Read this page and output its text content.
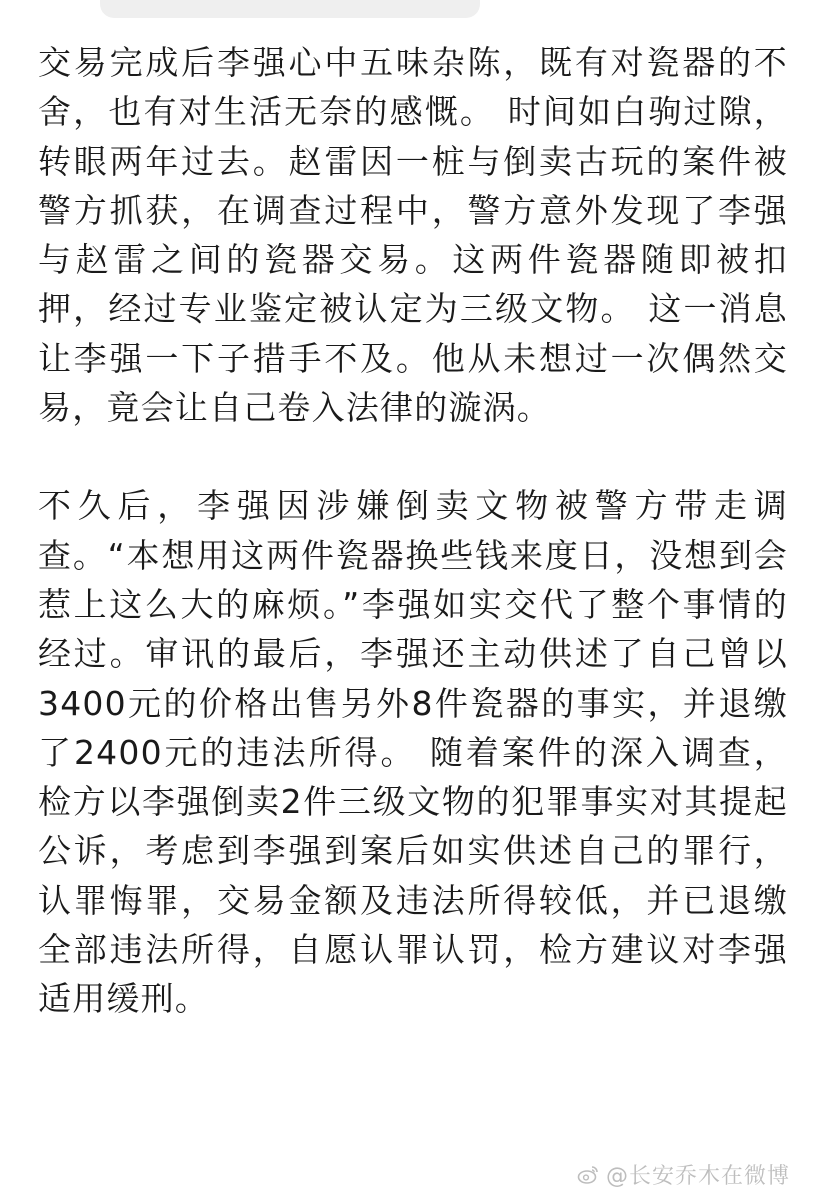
交易完成后李强心中五味杂陈，既有对瓷器的不舍，也有对生活无奈的感慨。 时间如白驹过隙，转眼两年过去。赵雷因一桩与倒卖古玩的案件被警方抓获，在调查过程中，警方意外发现了李强与赵雷之间的瓷器交易。这两件瓷器随即被扣押，经过专业鉴定被认定为三级文物。 这一消息让李强一下子措手不及。他从未想过一次偶然交易，竟会让自己卷入法律的漩涡。

不久后，李强因涉嫌倒卖文物被警方带走调查。“本想用这两件瓷器换些钱来度日，没想到会惹上这么大的麻烦。”李强如实交代了整个事情的经过。审讯的最后，李强还主动供述了自己曾以3400元的价格出售另外8件瓷器的事实，并退缴了2400元的违法所得。 随着案件的深入调查，检方以李强倒卖2件三级文物的犯罪事实对其提起公诉，考虑到李强到案后如实供述自己的罪行，认罪悔罪，交易金额及违法所得较低，并已退缴全部违法所得，自愿认罪认罚，检方建议对李强适用缓刑。

@长安乔木在微博
